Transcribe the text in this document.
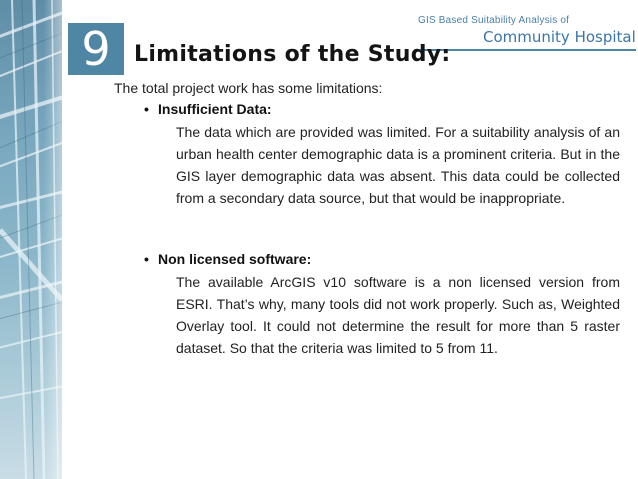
GIS Based Suitability Analysis of
Community Hospital
9	Limitations of the Study:
The total project work has some limitations:
• Insufficient Data:
The data which are provided was limited. For a suitability analysis of an urban health center demographic data is a prominent criteria. But in the GIS layer demographic data was absent. This data could be collected from a secondary data source, but that would be inappropriate.
• Non licensed software:
The available ArcGIS v10 software is a non licensed version from ESRI. That’s why, many tools did not work properly. Such as, Weighted Overlay tool. It could not determine the result for more than 5 raster dataset. So that the criteria was limited to 5 from 11.
